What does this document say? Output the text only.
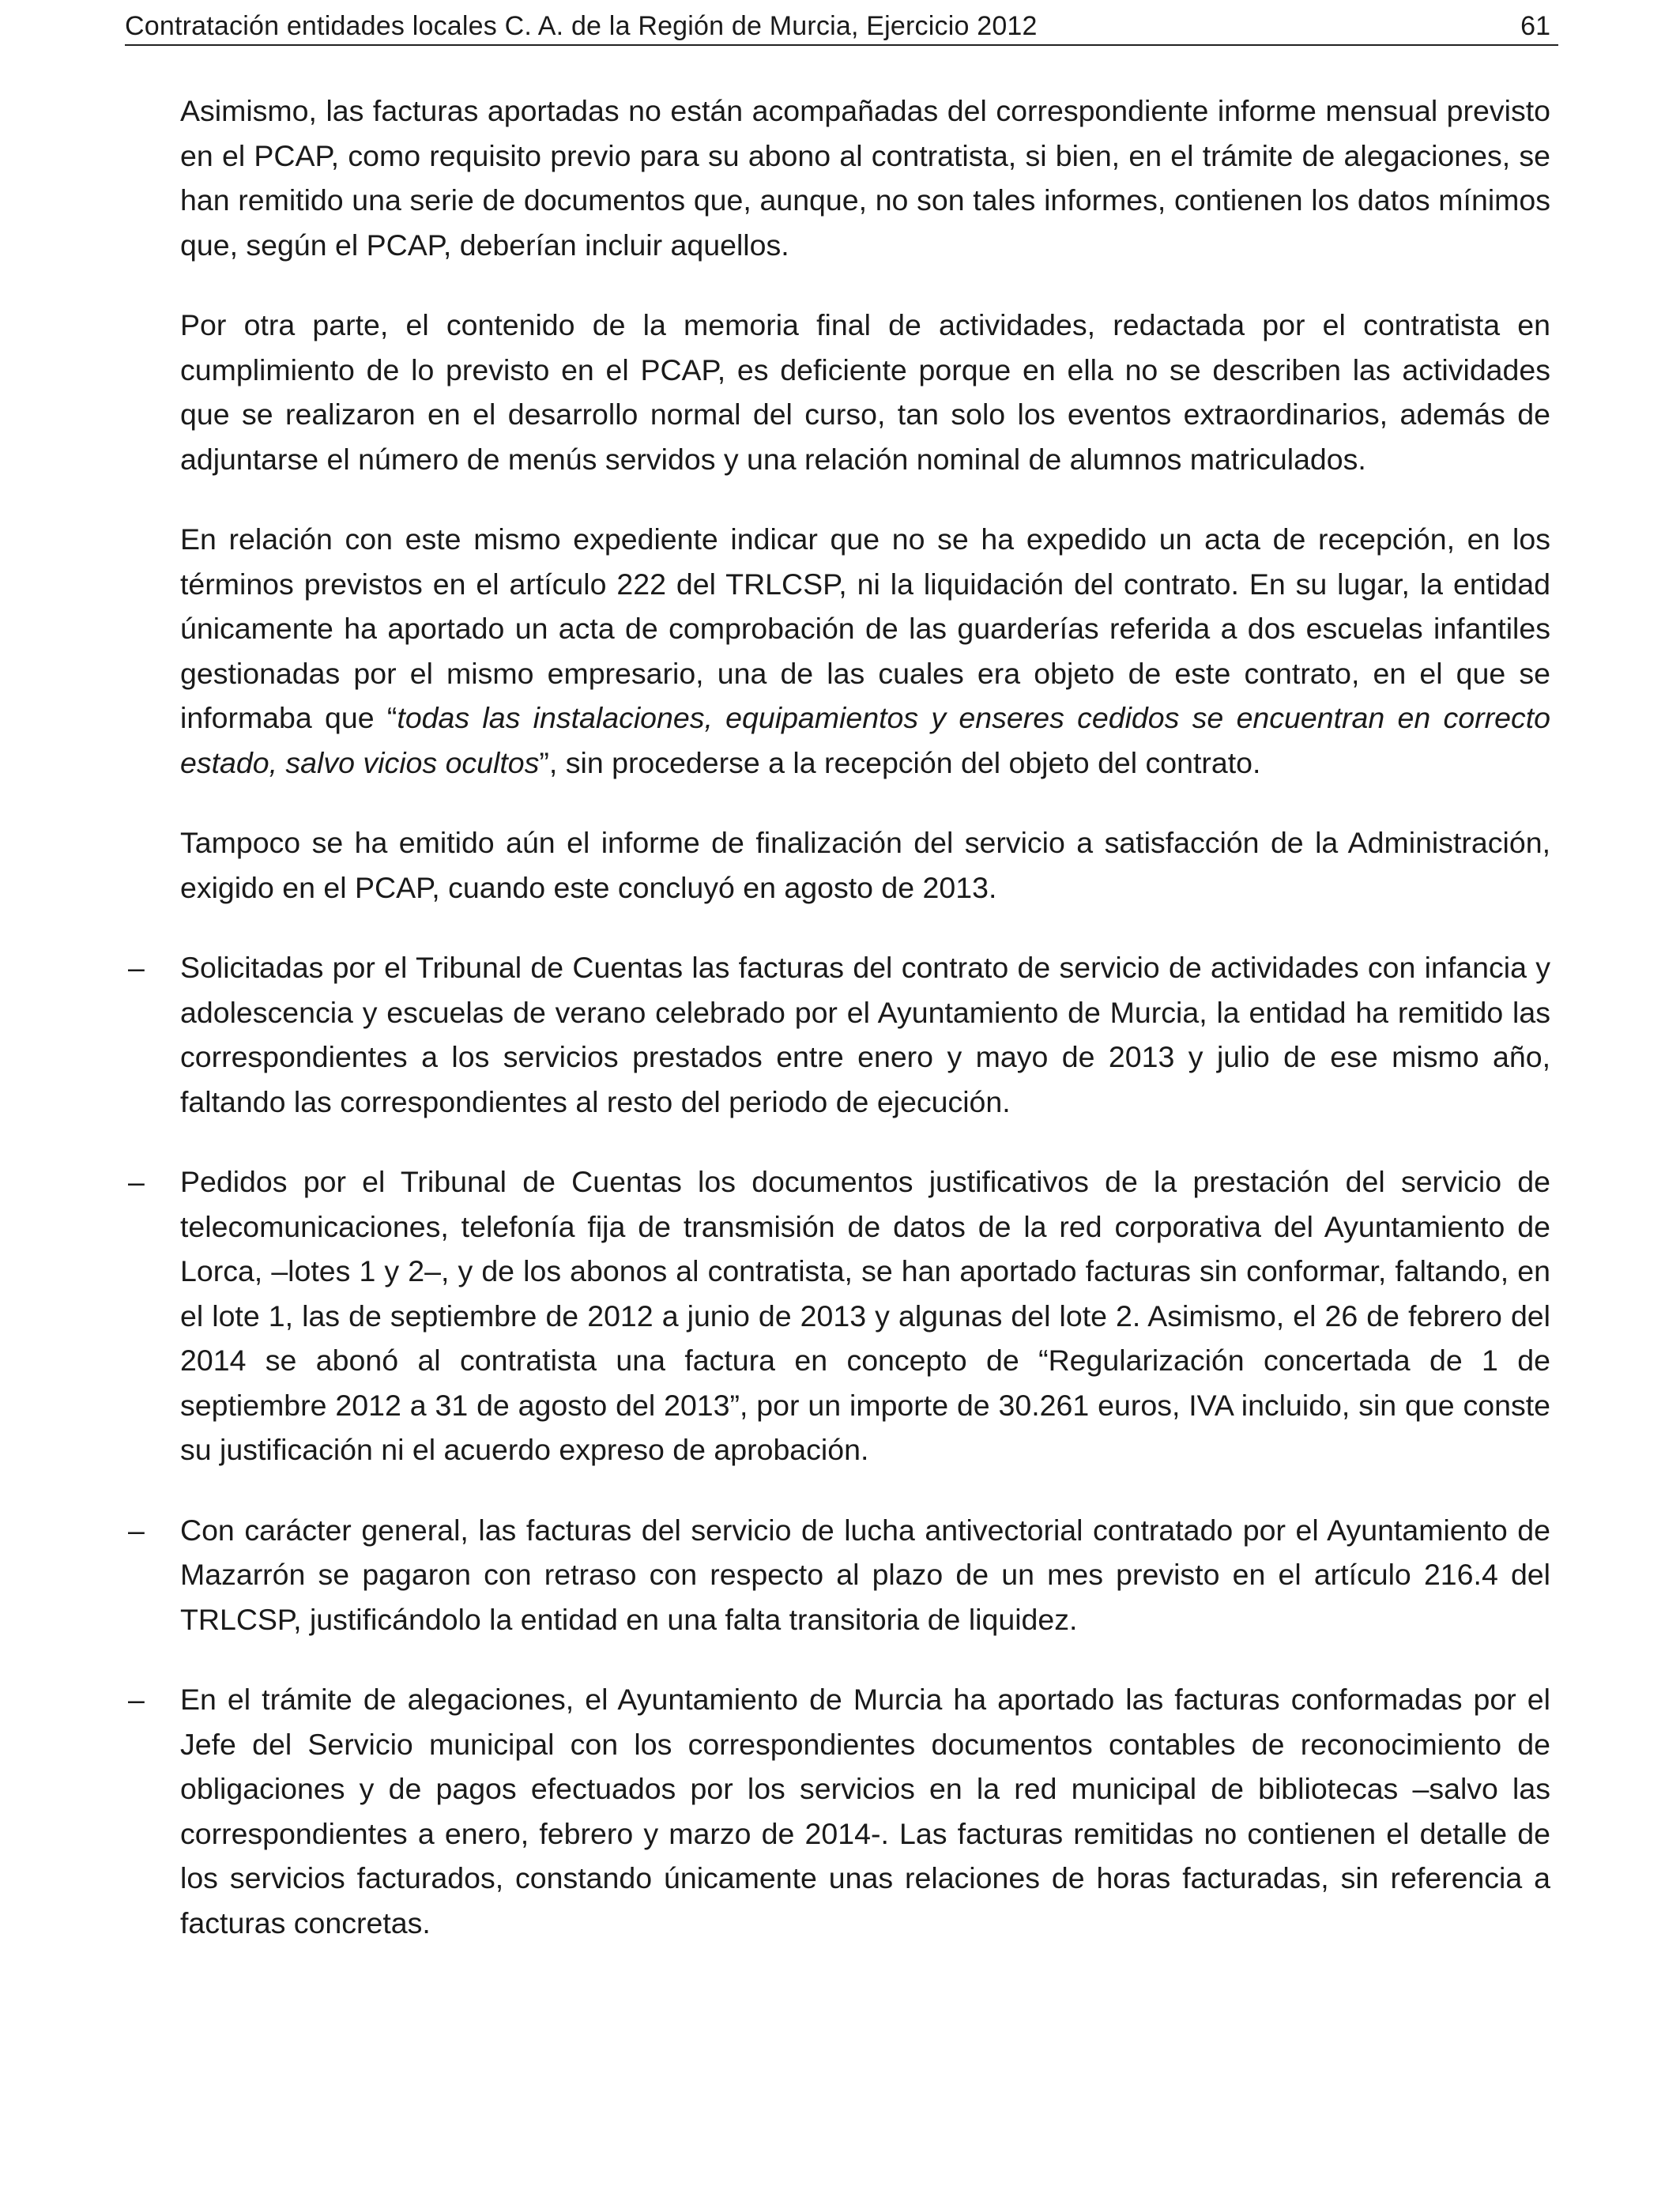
Contratación entidades locales C. A. de la Región de Murcia, Ejercicio 2012	61

Asimismo, las facturas aportadas no están acompañadas del correspondiente informe mensual previsto en el PCAP, como requisito previo para su abono al contratista, si bien, en el trámite de alegaciones, se han remitido una serie de documentos que, aunque, no son tales informes, contienen los datos mínimos que, según el PCAP, deberían incluir aquellos.

Por otra parte, el contenido de la memoria final de actividades, redactada por el contratista en cumplimiento de lo previsto en el PCAP, es deficiente porque en ella no se describen las actividades que se realizaron en el desarrollo normal del curso, tan solo los eventos extraordinarios, además de adjuntarse el número de menús servidos y una relación nominal de alumnos matriculados.

En relación con este mismo expediente indicar que no se ha expedido un acta de recepción, en los términos previstos en el artículo 222 del TRLCSP, ni la liquidación del contrato. En su lugar, la entidad únicamente ha aportado un acta de comprobación de las guarderías referida a dos escuelas infantiles gestionadas por el mismo empresario, una de las cuales era objeto de este contrato, en el que se informaba que “todas las instalaciones, equipamientos y enseres cedidos se encuentran en correcto estado, salvo vicios ocultos”, sin procederse a la recepción del objeto del contrato.

Tampoco se ha emitido aún el informe de finalización del servicio a satisfacción de la Administración, exigido en el PCAP, cuando este concluyó en agosto de 2013.

– Solicitadas por el Tribunal de Cuentas las facturas del contrato de servicio de actividades con infancia y adolescencia y escuelas de verano celebrado por el Ayuntamiento de Murcia, la entidad ha remitido las correspondientes a los servicios prestados entre enero y mayo de 2013 y julio de ese mismo año, faltando las correspondientes al resto del periodo de ejecución.

– Pedidos por el Tribunal de Cuentas los documentos justificativos de la prestación del servicio de telecomunicaciones, telefonía fija de transmisión de datos de la red corporativa del Ayuntamiento de Lorca, –lotes 1 y 2–, y de los abonos al contratista, se han aportado facturas sin conformar, faltando, en el lote 1, las de septiembre de 2012 a junio de 2013 y algunas del lote 2. Asimismo, el 26 de febrero del 2014 se abonó al contratista una factura en concepto de “Regularización concertada de 1 de septiembre 2012 a 31 de agosto del 2013”, por un importe de 30.261 euros, IVA incluido, sin que conste su justificación ni el acuerdo expreso de aprobación.

– Con carácter general, las facturas del servicio de lucha antivectorial contratado por el Ayuntamiento de Mazarrón se pagaron con retraso con respecto al plazo de un mes previsto en el artículo 216.4 del TRLCSP, justificándolo la entidad en una falta transitoria de liquidez.

– En el trámite de alegaciones, el Ayuntamiento de Murcia ha aportado las facturas conformadas por el Jefe del Servicio municipal con los correspondientes documentos contables de reconocimiento de obligaciones y de pagos efectuados por los servicios en la red municipal de bibliotecas –salvo las correspondientes a enero, febrero y marzo de 2014-. Las facturas remitidas no contienen el detalle de los servicios facturados, constando únicamente unas relaciones de horas facturadas, sin referencia a facturas concretas.
